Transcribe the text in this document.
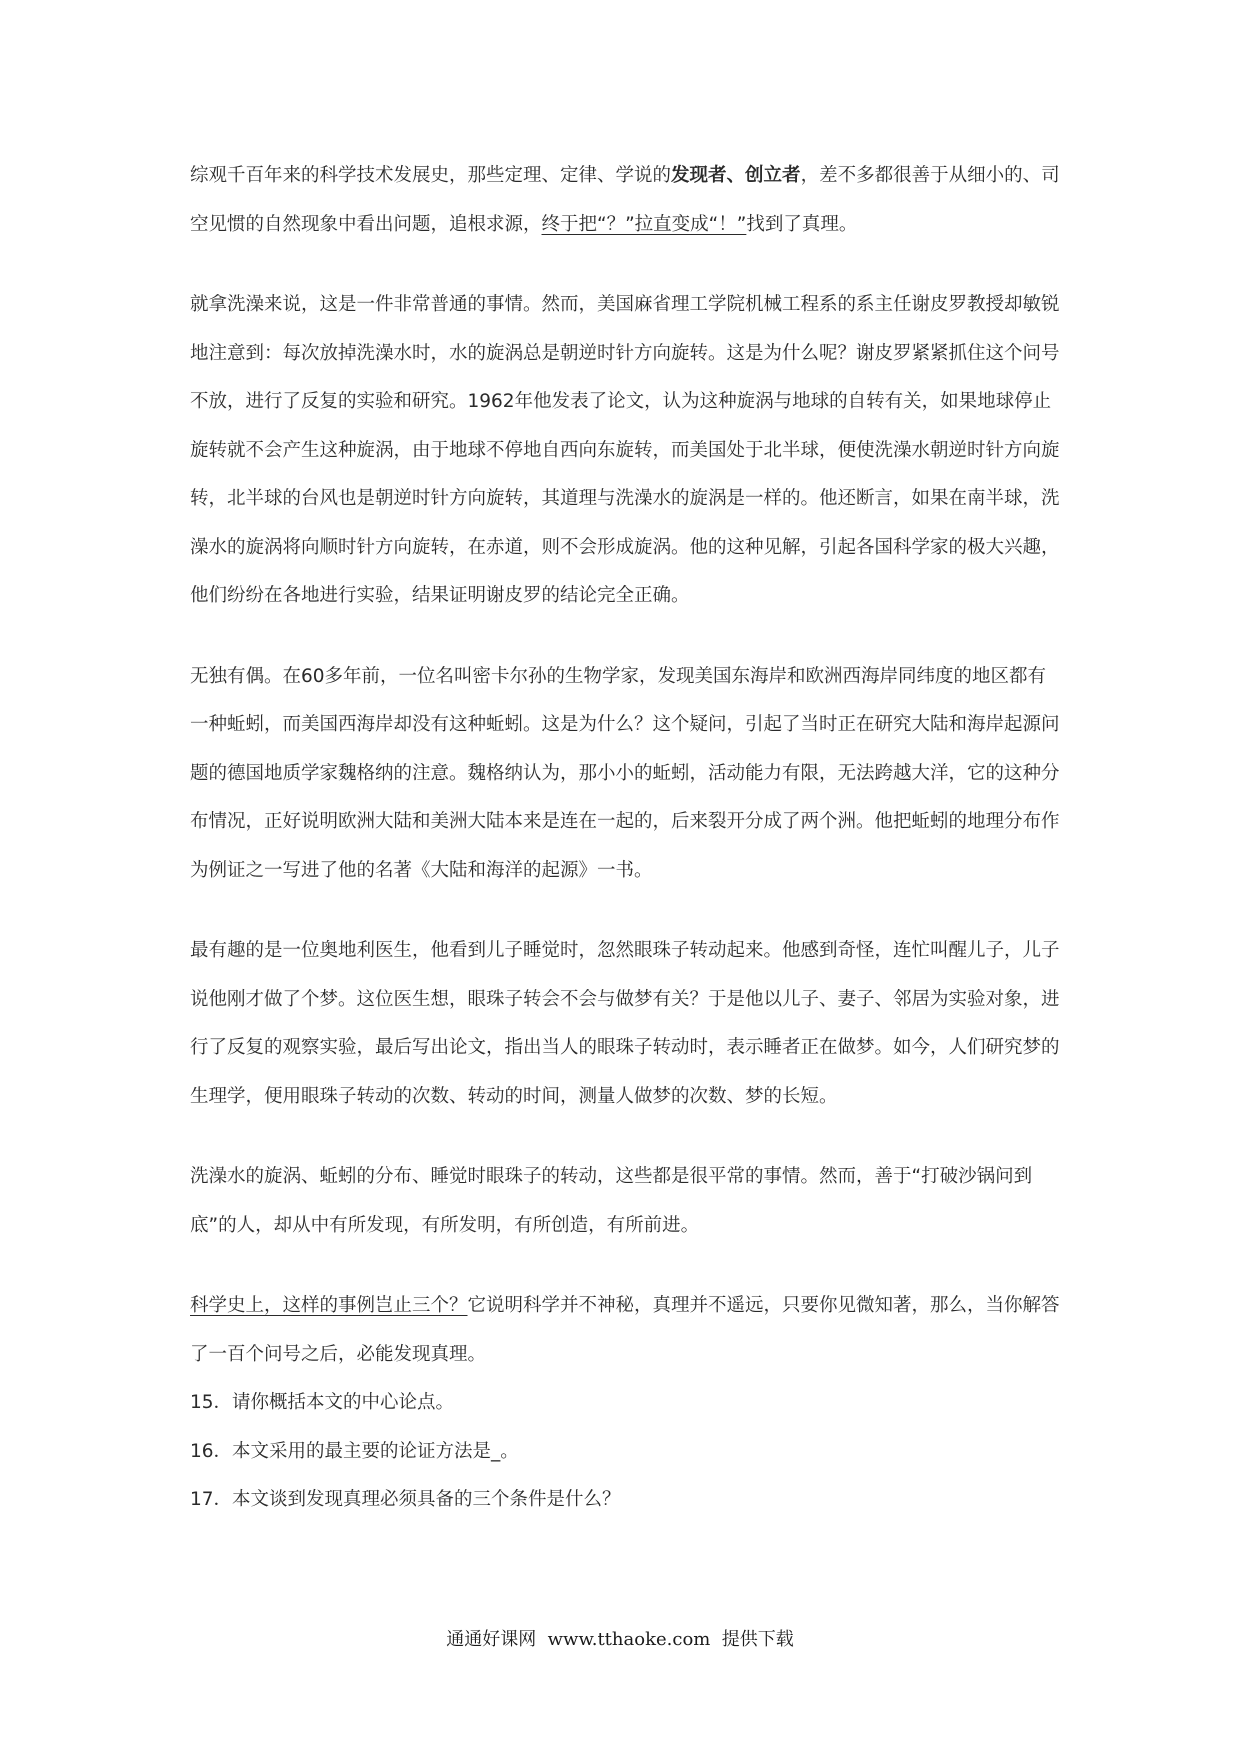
综观千百年来的科学技术发展史，那些定理、定律、学说的发现者、创立者，差不多都很善于从细小的、司空见惯的自然现象中看出问题，追根求源，终于把“？”拉直变成“！”找到了真理。

就拿洗澡来说，这是一件非常普通的事情。然而，美国麻省理工学院机械工程系的系主任谢皮罗教授却敏锐地注意到：每次放掉洗澡水时，水的旋涡总是朝逆时针方向旋转。这是为什么呢？谢皮罗紧紧抓住这个问号不放，进行了反复的实验和研究。1962年他发表了论文，认为这种旋涡与地球的自转有关，如果地球停止旋转就不会产生这种旋涡，由于地球不停地自西向东旋转，而美国处于北半球，便使洗澡水朝逆时针方向旋转，北半球的台风也是朝逆时针方向旋转，其道理与洗澡水的旋涡是一样的。他还断言，如果在南半球，洗澡水的旋涡将向顺时针方向旋转，在赤道，则不会形成旋涡。他的这种见解，引起各国科学家的极大兴趣，他们纷纷在各地进行实验，结果证明谢皮罗的结论完全正确。

无独有偶。在60多年前，一位名叫密卡尔孙的生物学家，发现美国东海岸和欧洲西海岸同纬度的地区都有一种蚯蚓，而美国西海岸却没有这种蚯蚓。这是为什么？这个疑问，引起了当时正在研究大陆和海岸起源问题的德国地质学家魏格纳的注意。魏格纳认为，那小小的蚯蚓，活动能力有限，无法跨越大洋，它的这种分布情况，正好说明欧洲大陆和美洲大陆本来是连在一起的，后来裂开分成了两个洲。他把蚯蚓的地理分布作为例证之一写进了他的名著《大陆和海洋的起源》一书。

最有趣的是一位奥地利医生，他看到儿子睡觉时，忽然眼珠子转动起来。他感到奇怪，连忙叫醒儿子，儿子说他刚才做了个梦。这位医生想，眼珠子转会不会与做梦有关？于是他以儿子、妻子、邻居为实验对象，进行了反复的观察实验，最后写出论文，指出当人的眼珠子转动时，表示睡者正在做梦。如今，人们研究梦的生理学，便用眼珠子转动的次数、转动的时间，测量人做梦的次数、梦的长短。

洗澡水的旋涡、蚯蚓的分布、睡觉时眼珠子的转动，这些都是很平常的事情。然而，善于“打破沙锅问到底”的人，却从中有所发现，有所发明，有所创造，有所前进。

科学史上，这样的事例岂止三个？它说明科学并不神秘，真理并不遥远，只要你见微知著，那么，当你解答了一百个问号之后，必能发现真理。

15．请你概括本文的中心论点。

16．本文采用的最主要的论证方法是_。

17．本文谈到发现真理必须具备的三个条件是什么？

通通好课网  www.tthaoke.com  提供下载
